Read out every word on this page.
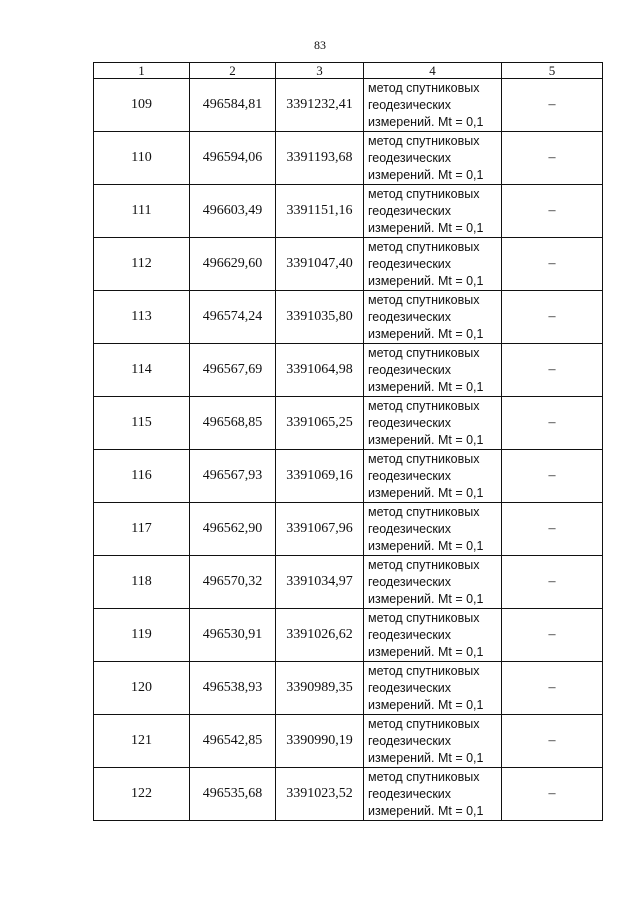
83
1	2	3	4	5
109	496584,81	3391232,41	метод спутниковых
геодезических
измерений. Mt = 0,1	–
110	496594,06	3391193,68	метод спутниковых
геодезических
измерений. Mt = 0,1	–
111	496603,49	3391151,16	метод спутниковых
геодезических
измерений. Mt = 0,1	–
112	496629,60	3391047,40	метод спутниковых
геодезических
измерений. Mt = 0,1	–
113	496574,24	3391035,80	метод спутниковых
геодезических
измерений. Mt = 0,1	–
114	496567,69	3391064,98	метод спутниковых
геодезических
измерений. Mt = 0,1	–
115	496568,85	3391065,25	метод спутниковых
геодезических
измерений. Mt = 0,1	–
116	496567,93	3391069,16	метод спутниковых
геодезических
измерений. Mt = 0,1	–
117	496562,90	3391067,96	метод спутниковых
геодезических
измерений. Mt = 0,1	–
118	496570,32	3391034,97	метод спутниковых
геодезических
измерений. Mt = 0,1	–
119	496530,91	3391026,62	метод спутниковых
геодезических
измерений. Mt = 0,1	–
120	496538,93	3390989,35	метод спутниковых
геодезических
измерений. Mt = 0,1	–
121	496542,85	3390990,19	метод спутниковых
геодезических
измерений. Mt = 0,1	–
122	496535,68	3391023,52	метод спутниковых
геодезических
измерений. Mt = 0,1	–
